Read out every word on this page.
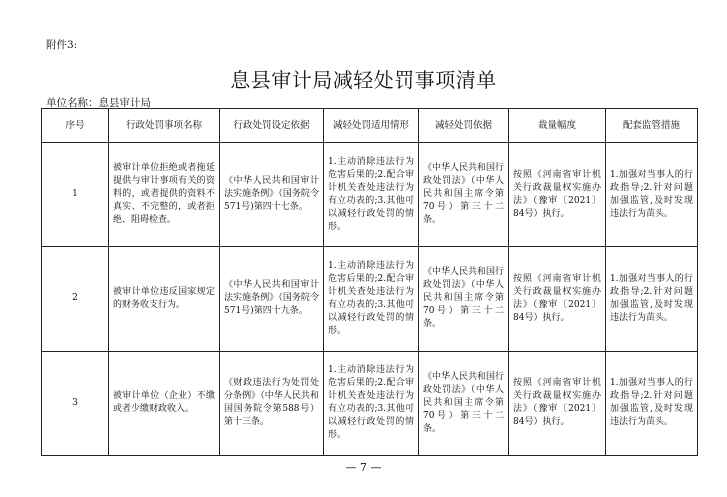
附件3:
息县审计局减轻处罚事项清单
单位名称：息县审计局
序号	行政处罚事项名称	行政处罚设定依据	减轻处罚适用情形	减轻处罚依据	裁量幅度	配套监管措施
1	被审计单位拒绝或者拖延提供与审计事项有关的资料的，或者提供的资料不真实、不完整的，或者拒绝、阻碍检查。	《中华人民共和国审计法实施条例》（国务院令571号)第四十七条。	1.主动消除违法行为危害后果的;2.配合审计机关查处违法行为有立功表的;3.其他可以减轻行政处罚的情形。	《中华人民共和国行政处罚法》（中华人民共和国主席令第70号）第三十二条。	按照《河南省审计机关行政裁量权实施办法》（豫审〔2021〕84号）执行。	1.加强对当事人的行政指导;2.针对问题加强监管,及时发现违法行为苗头。
2	被审计单位违反国家规定的财务收支行为。	《中华人民共和国审计法实施条例》（国务院令571号)第四十九条。	1.主动消除违法行为危害后果的;2.配合审计机关查处违法行为有立功表的;3.其他可以减轻行政处罚的情形。	《中华人民共和国行政处罚法》（中华人民共和国主席令第70号）第三十二条。	按照《河南省审计机关行政裁量权实施办法》（豫审〔2021〕84号）执行。	1.加强对当事人的行政指导;2.针对问题加强监管,及时发现违法行为苗头。
3	被审计单位（企业）不缴或者少缴财政收入。	《财政违法行为处罚处分条例》（中华人民共和国国务院令第588号）第十三条。	1.主动消除违法行为危害后果的;2.配合审计机关查处违法行为有立功表的;3.其他可以减轻行政处罚的情形。	《中华人民共和国行政处罚法》（中华人民共和国主席令第70号）第三十二条。	按照《河南省审计机关行政裁量权实施办法》（豫审〔2021〕84号）执行。	1.加强对当事人的行政指导;2.针对问题加强监管,及时发现违法行为苗头。
— 7 —
